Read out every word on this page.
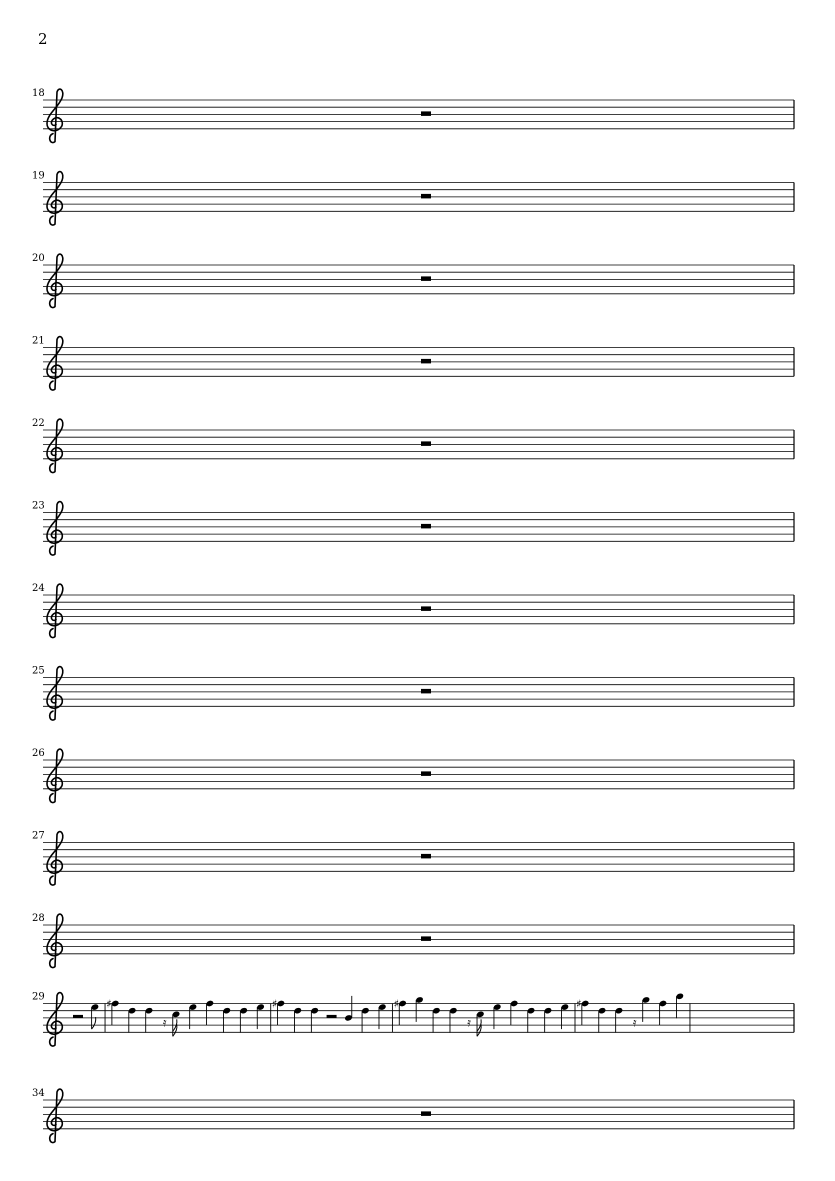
2
18
19
20
21
22
23
24
25
26
27
28
29
♯
𝄿
♯	♯
𝄿
♯
𝄿
34
